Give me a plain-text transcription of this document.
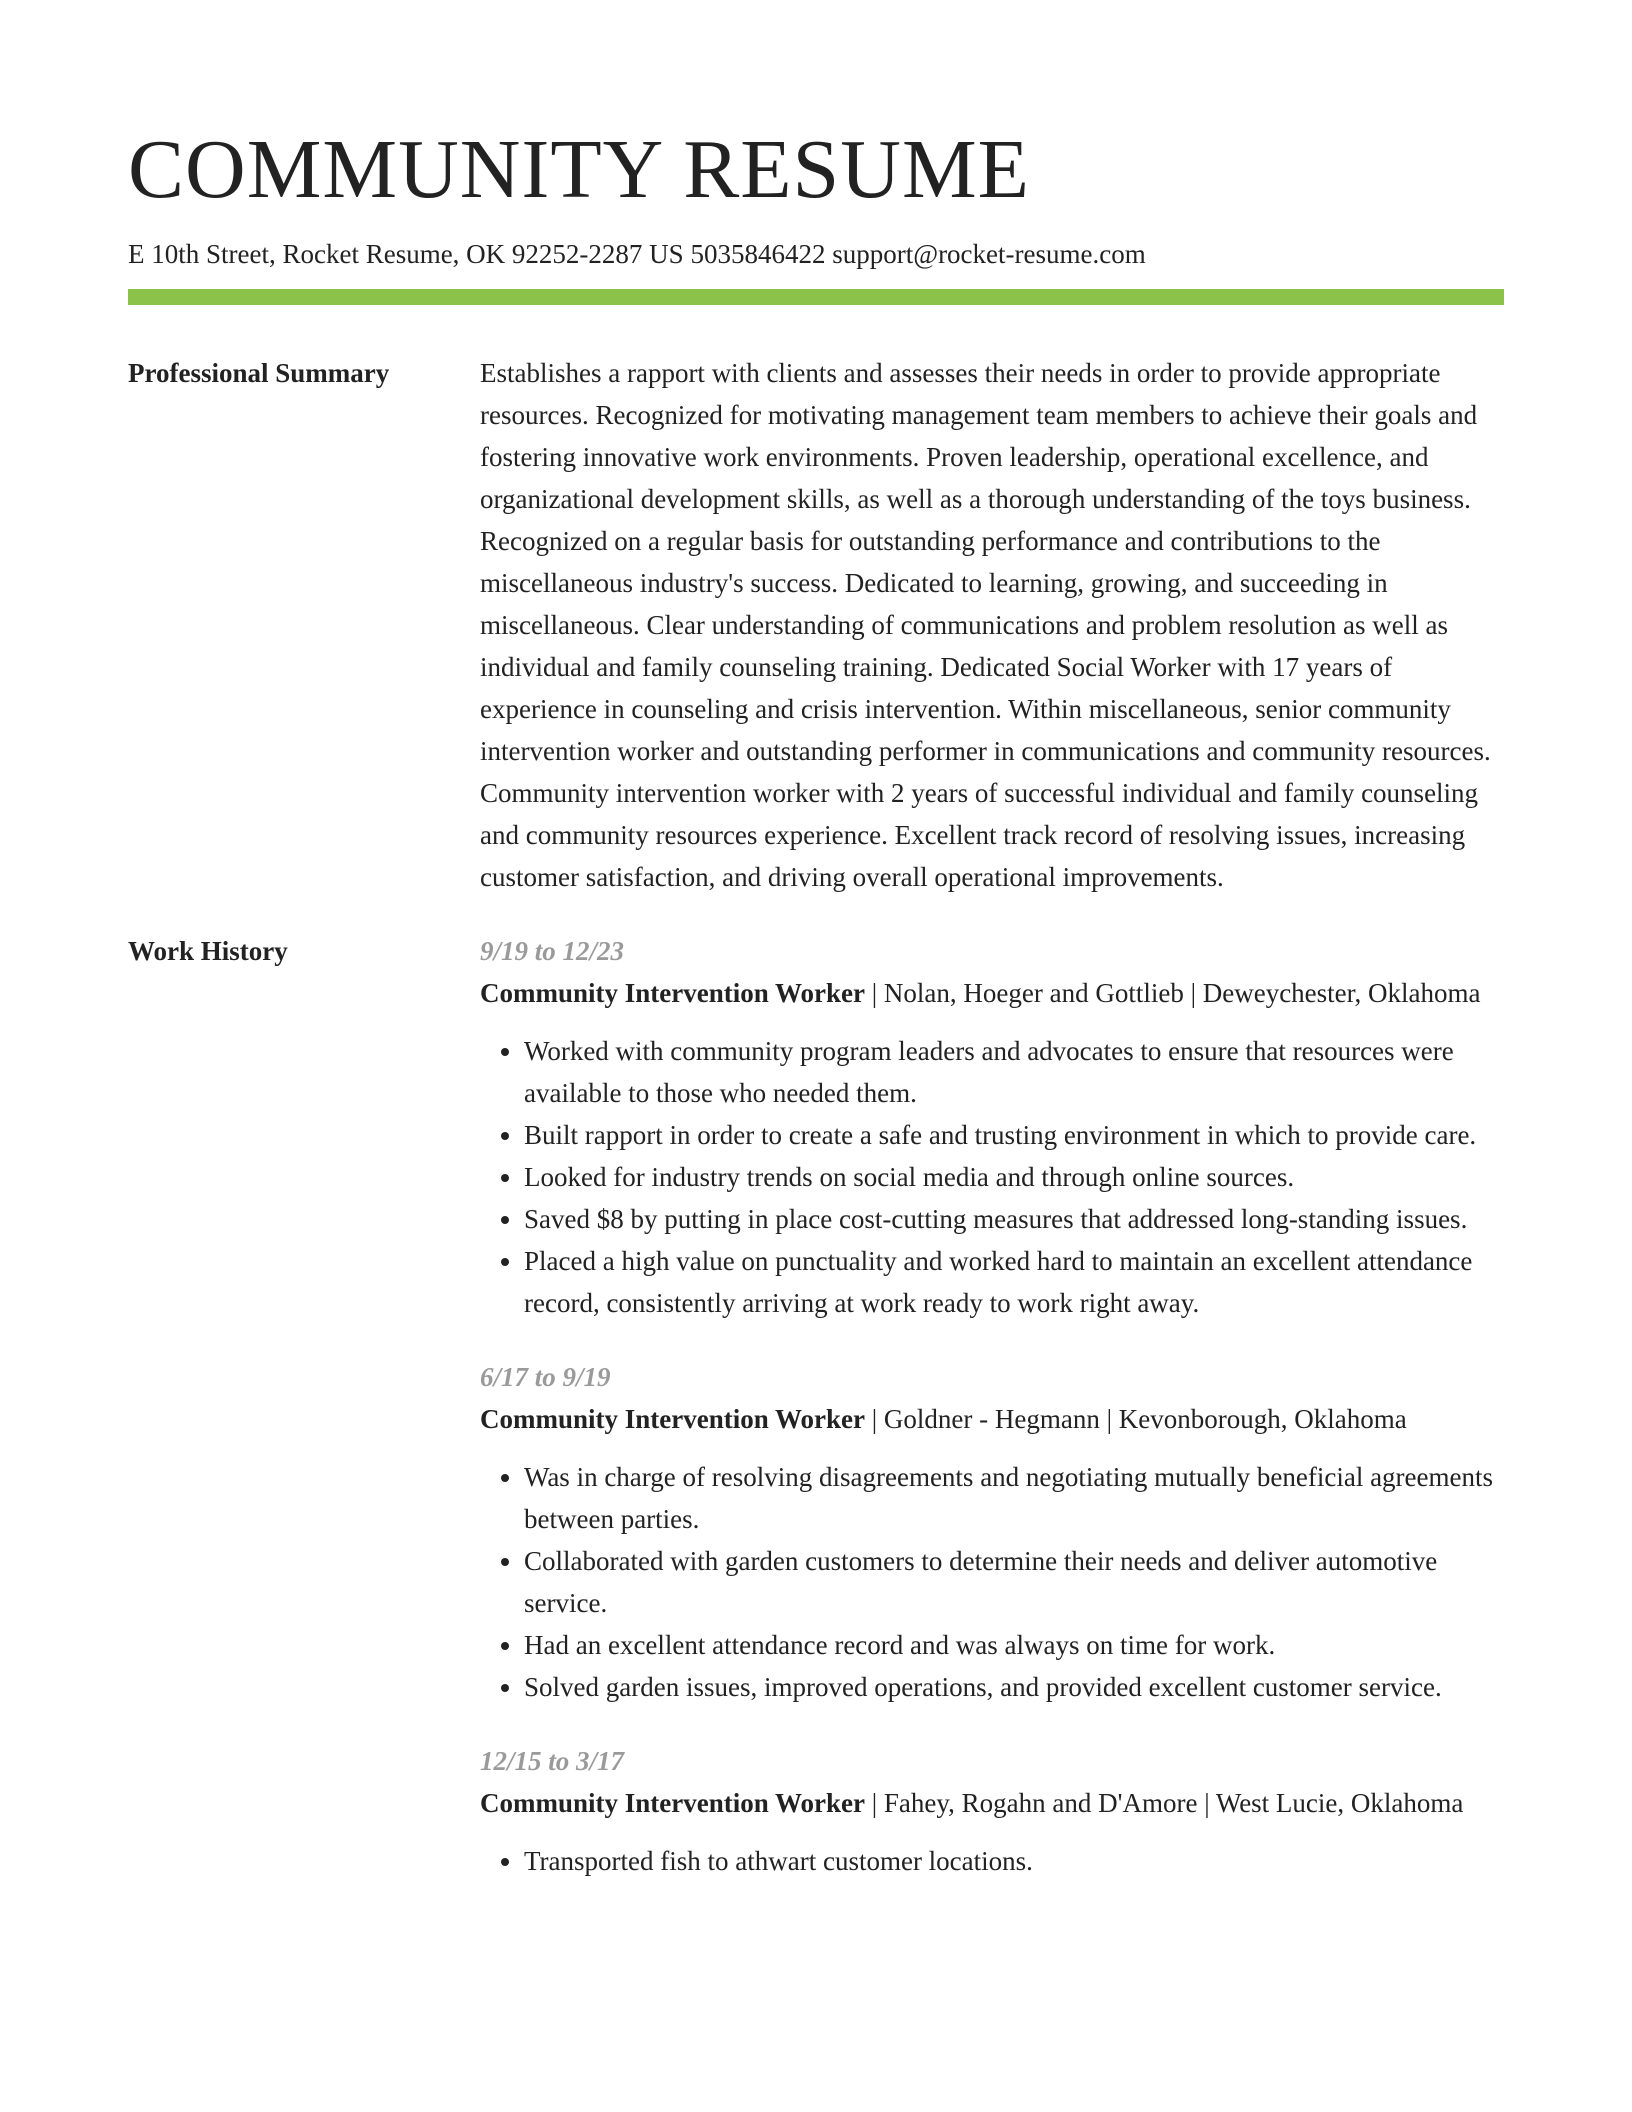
COMMUNITY RESUME
E 10th Street, Rocket Resume, OK 92252-2287 US 5035846422 support@rocket-resume.com
Professional Summary	Establishes a rapport with clients and assesses their needs in order to provide appropriate resources. Recognized for motivating management team members to achieve their goals and fostering innovative work environments. Proven leadership, operational excellence, and organizational development skills, as well as a thorough understanding of the toys business. Recognized on a regular basis for outstanding performance and contributions to the miscellaneous industry's success. Dedicated to learning, growing, and succeeding in miscellaneous. Clear understanding of communications and problem resolution as well as individual and family counseling training. Dedicated Social Worker with 17 years of experience in counseling and crisis intervention. Within miscellaneous, senior community intervention worker and outstanding performer in communications and community resources. Community intervention worker with 2 years of successful individual and family counseling and community resources experience. Excellent track record of resolving issues, increasing customer satisfaction, and driving overall operational improvements.

Work History	9/19 to 12/23

Community Intervention Worker | Nolan, Hoeger and Gottlieb | Deweychester, Oklahoma

• Worked with community program leaders and advocates to ensure that resources were available to those who needed them.
• Built rapport in order to create a safe and trusting environment in which to provide care.
• Looked for industry trends on social media and through online sources.
• Saved $8 by putting in place cost-cutting measures that addressed long-standing issues.
• Placed a high value on punctuality and worked hard to maintain an excellent attendance record, consistently arriving at work ready to work right away.
6/17 to 9/19

Community Intervention Worker | Goldner - Hegmann | Kevonborough, Oklahoma

• Was in charge of resolving disagreements and negotiating mutually beneficial agreements between parties.
• Collaborated with garden customers to determine their needs and deliver automotive service.
• Had an excellent attendance record and was always on time for work.
• Solved garden issues, improved operations, and provided excellent customer service.
12/15 to 3/17

Community Intervention Worker | Fahey, Rogahn and D'Amore | West Lucie, Oklahoma

• Transported fish to athwart customer locations.
